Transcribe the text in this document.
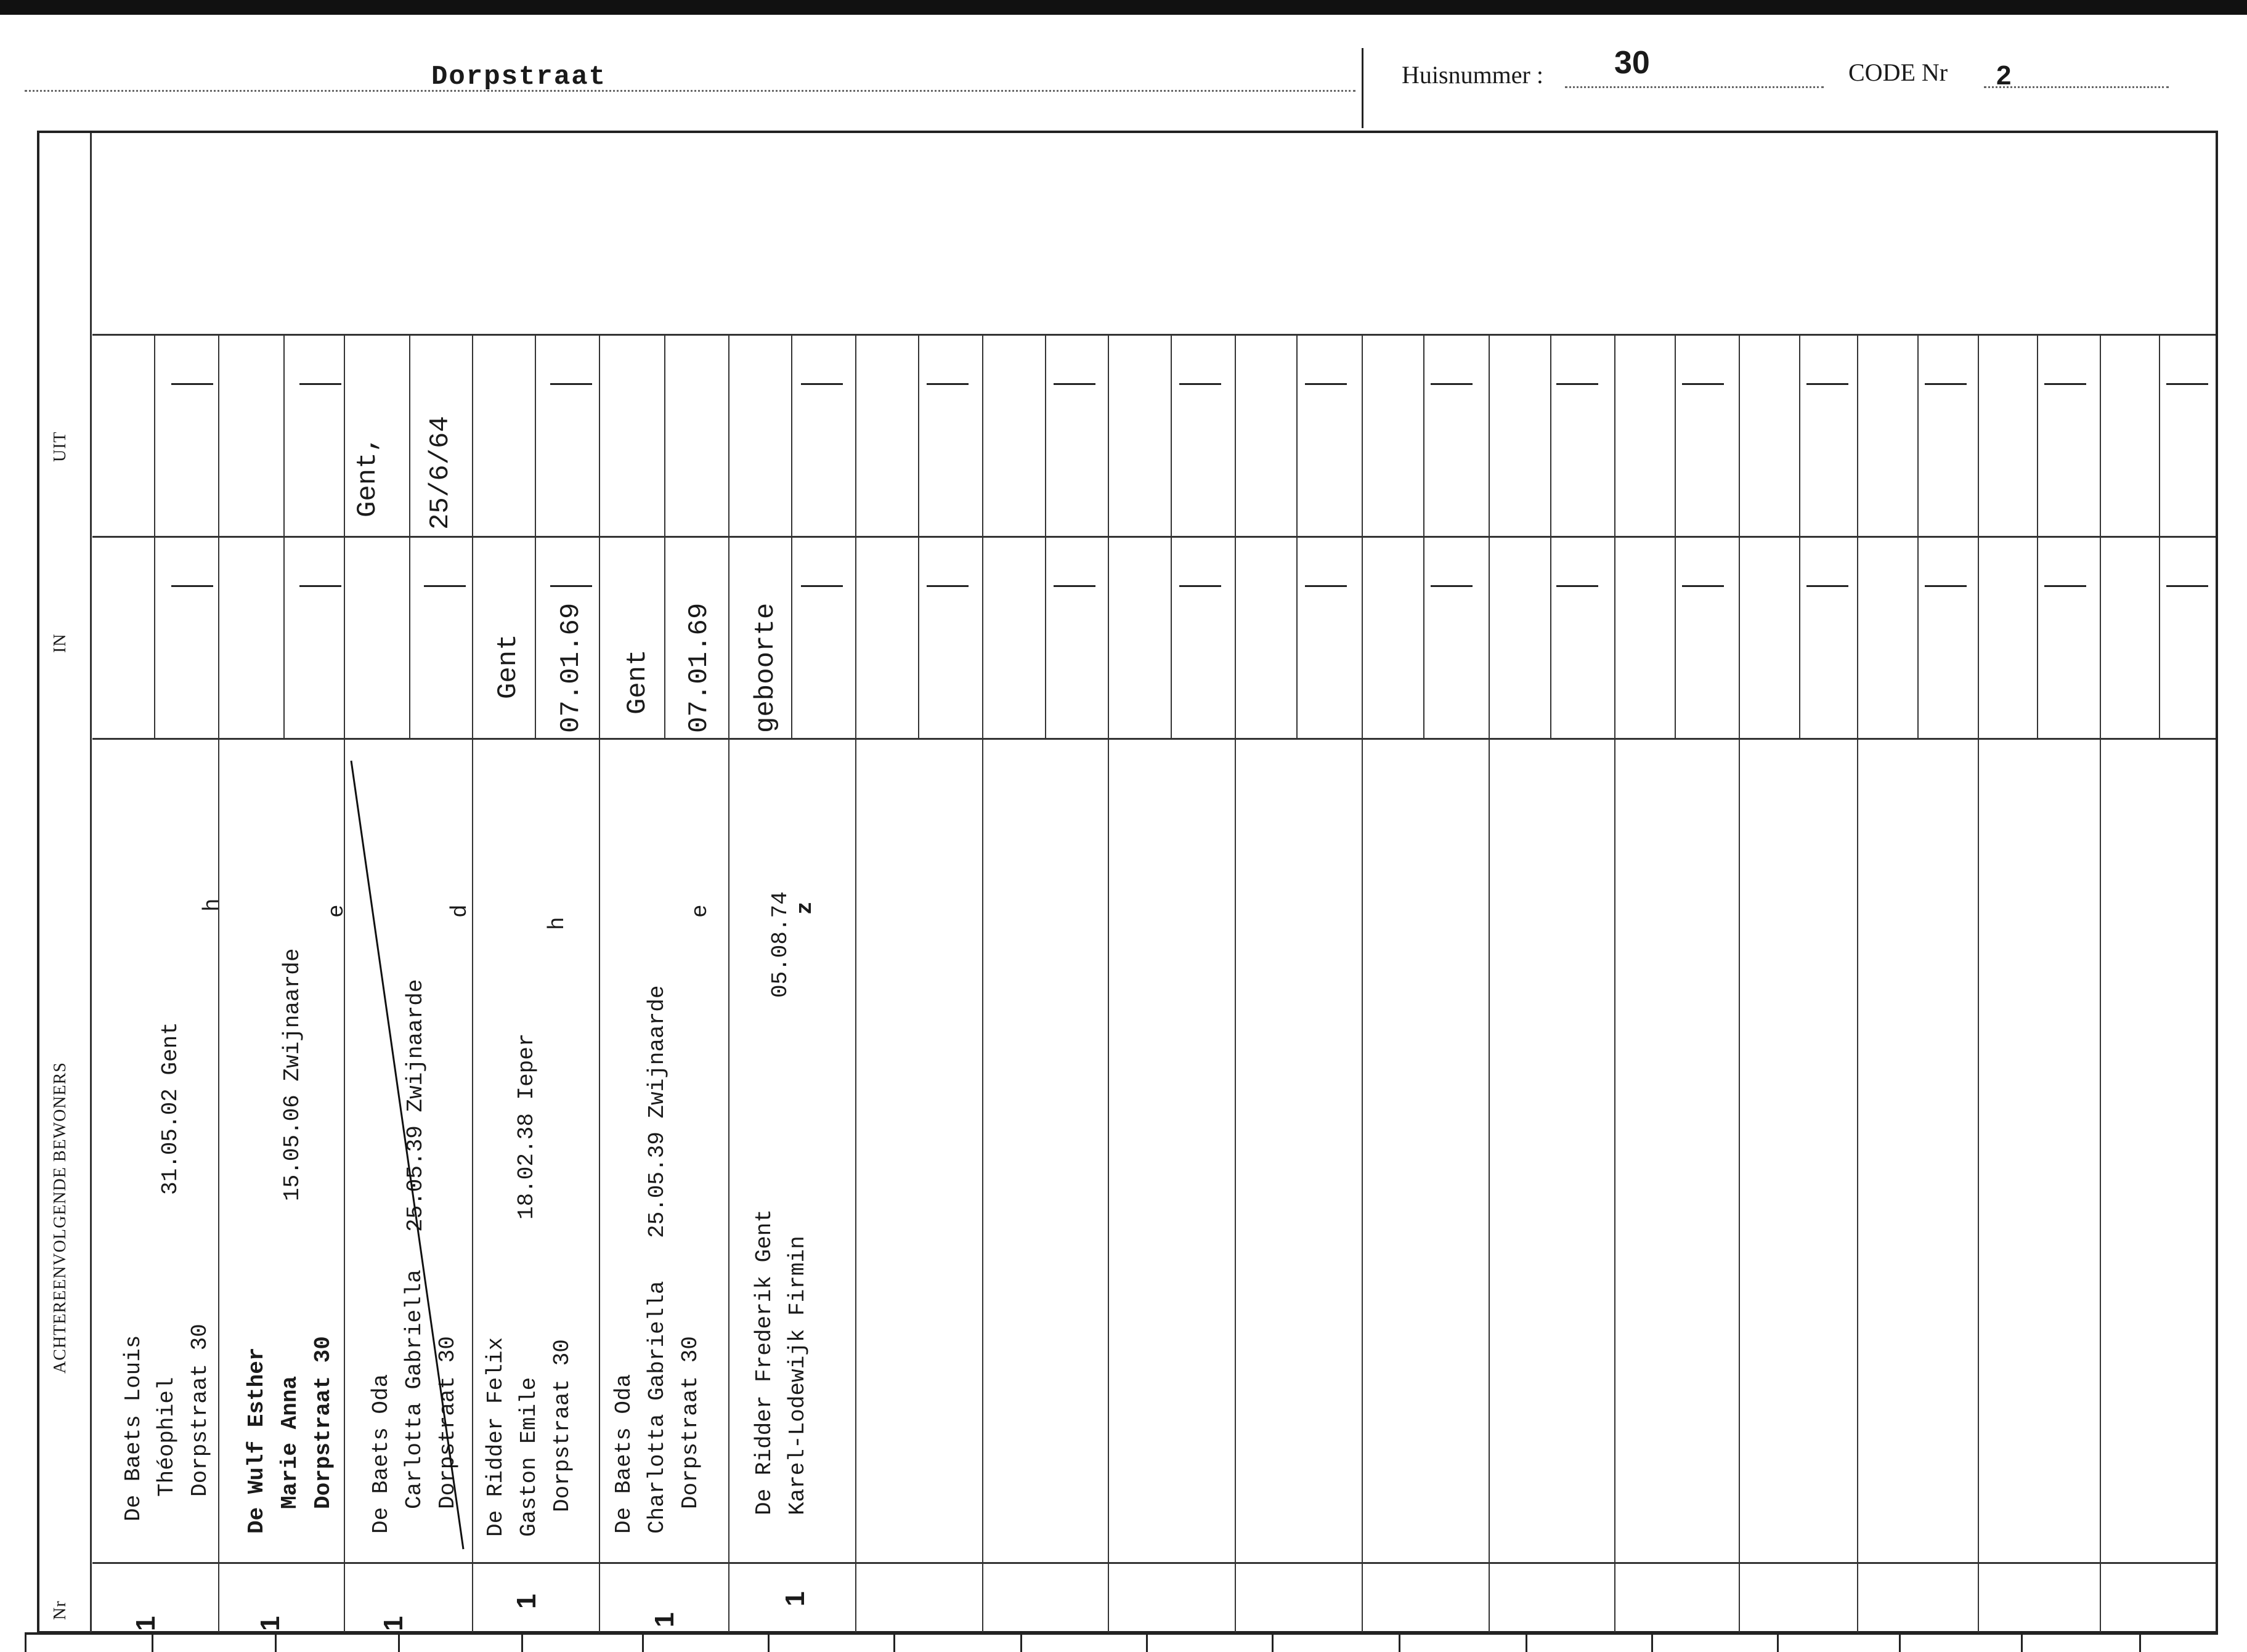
Dorpstraat	Huisnummer : 30	CODE Nr 2
UIT
IN
ACHTEREENVOLGENDE BEWONERS
Nr
De Baets Louis Théophiel Dorpstraat 30
31.05.02 Gent
h
1
De Wulf Esther Marie Anna Dorpstraat 30
15.05.06 Zwijnaarde
e
1
De Baets Oda Carlotta Gabriella Dorpstraat 30
25.05.39 Zwijnaarde
d
1
Gent, 25/6/64
De Ridder Felix Gaston Emile Dorpstraat 30
18.02.38 Ieper
h
1
Gent 07.01.69
De Baets Oda Charlotta Gabriella Dorpstraat 30
25.05.39 Zwijnaarde
e
1
Gent 07.01.69
De Ridder Frederik Gent Karel-Lodewijk Firmin
05.08.74 z
1
geboorte
